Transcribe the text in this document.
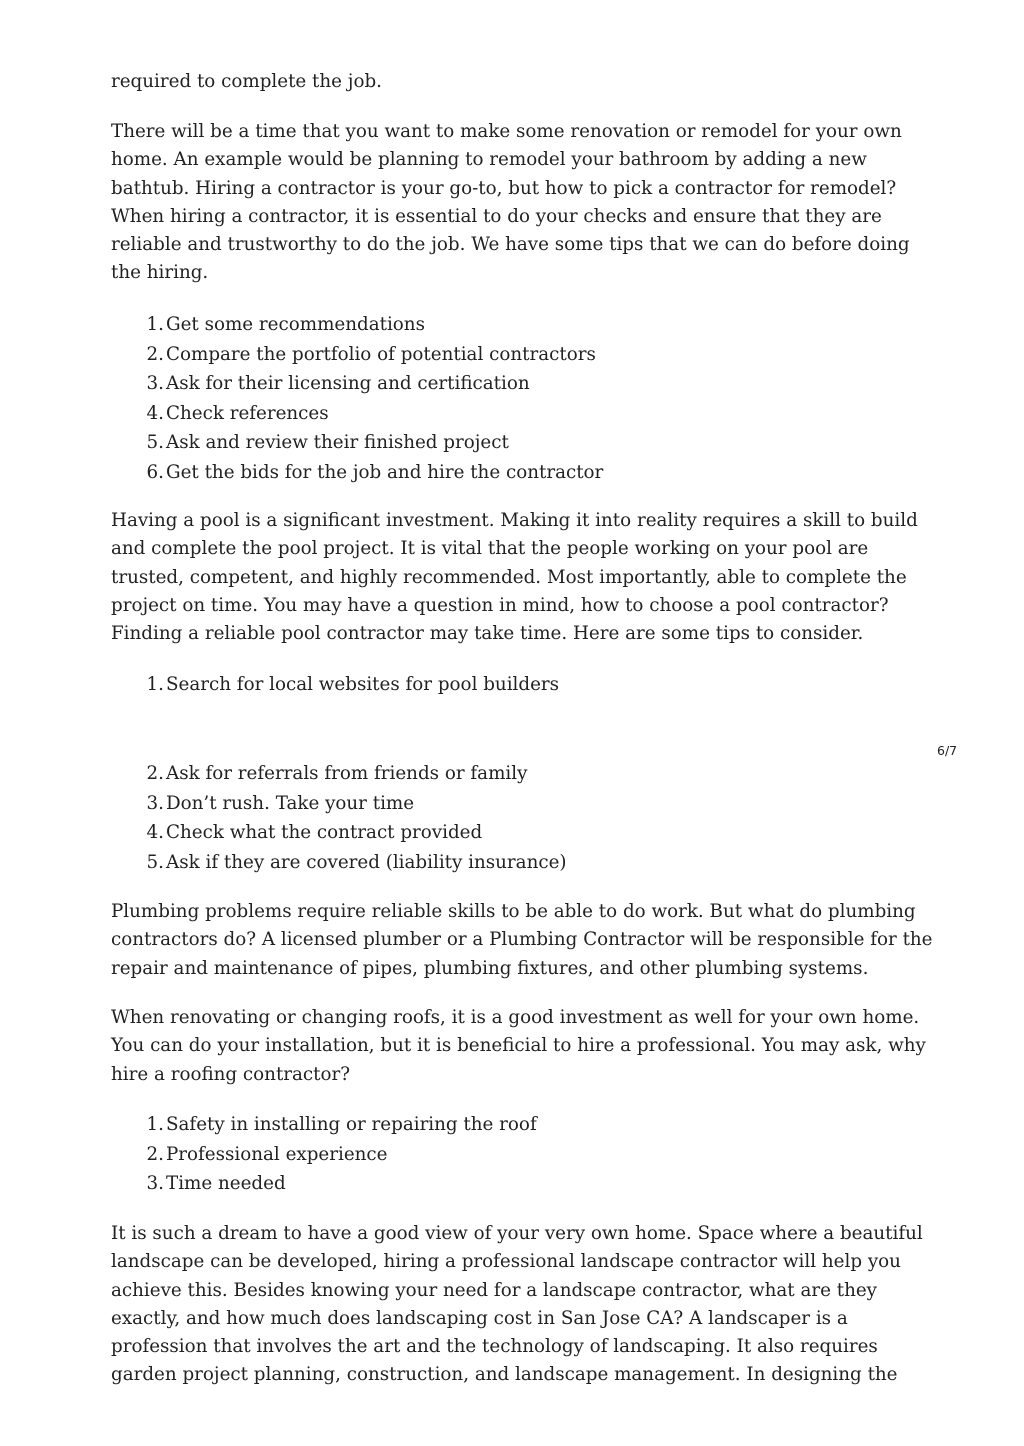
required to complete the job.
There will be a time that you want to make some renovation or remodel for your own
home. An example would be planning to remodel your bathroom by adding a new
bathtub. Hiring a contractor is your go-to, but how to pick a contractor for remodel?
When hiring a contractor, it is essential to do your checks and ensure that they are
reliable and trustworthy to do the job. We have some tips that we can do before doing
the hiring.
1. Get some recommendations
2. Compare the portfolio of potential contractors
3. Ask for their licensing and certification
4. Check references
5. Ask and review their finished project
6. Get the bids for the job and hire the contractor
Having a pool is a significant investment. Making it into reality requires a skill to build
and complete the pool project. It is vital that the people working on your pool are
trusted, competent, and highly recommended. Most importantly, able to complete the
project on time. You may have a question in mind, how to choose a pool contractor?
Finding a reliable pool contractor may take time. Here are some tips to consider.
1. Search for local websites for pool builders
6/7
2. Ask for referrals from friends or family
3. Don’t rush. Take your time
4. Check what the contract provided
5. Ask if they are covered (liability insurance)
Plumbing problems require reliable skills to be able to do work. But what do plumbing
contractors do? A licensed plumber or a Plumbing Contractor will be responsible for the
repair and maintenance of pipes, plumbing fixtures, and other plumbing systems.
When renovating or changing roofs, it is a good investment as well for your own home.
You can do your installation, but it is beneficial to hire a professional. You may ask, why
hire a roofing contractor?
1. Safety in installing or repairing the roof
2. Professional experience
3. Time needed
It is such a dream to have a good view of your very own home. Space where a beautiful
landscape can be developed, hiring a professional landscape contractor will help you
achieve this. Besides knowing your need for a landscape contractor, what are they
exactly, and how much does landscaping cost in San Jose CA? A landscaper is a
profession that involves the art and the technology of landscaping. It also requires
garden project planning, construction, and landscape management. In designing the
